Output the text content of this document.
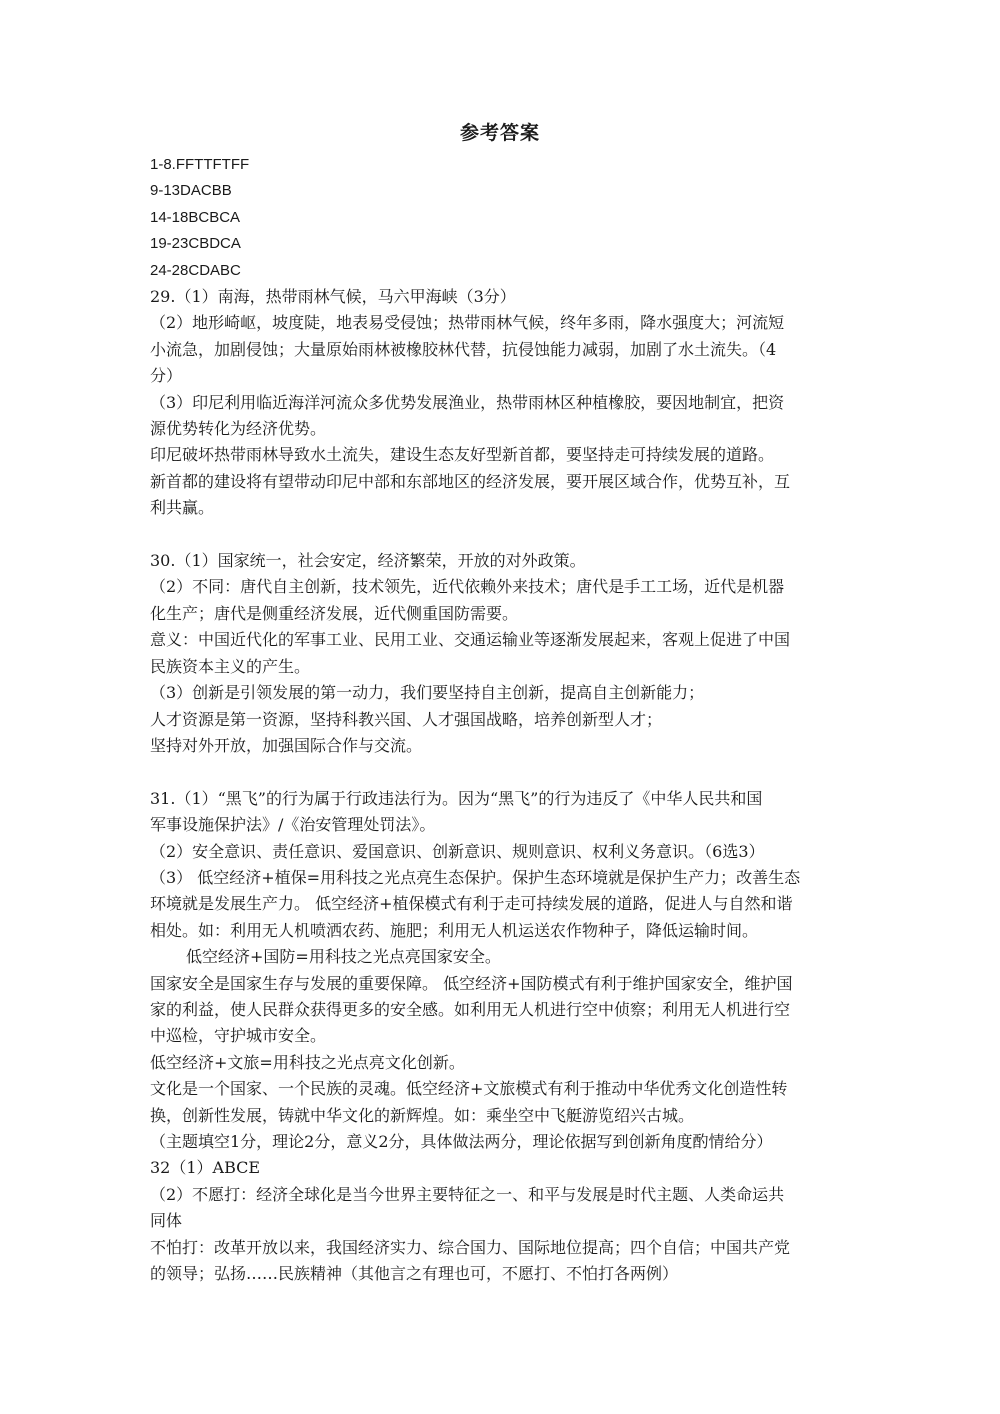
参考答案
1-8.FFTTFTFF
9-13DACBB
14-18BCBCA
19-23CBDCA
24-28CDABC
29.（1）南海，热带雨林气候，马六甲海峡（3分）
（2）地形崎岖，坡度陡，地表易受侵蚀；热带雨林气候，终年多雨，降水强度大；河流短
小流急，加剧侵蚀；大量原始雨林被橡胶林代替，抗侵蚀能力减弱，加剧了水土流失。（4
分）
（3）印尼利用临近海洋河流众多优势发展渔业，热带雨林区种植橡胶，要因地制宜，把资
源优势转化为经济优势。
印尼破坏热带雨林导致水土流失，建设生态友好型新首都，要坚持走可持续发展的道路。
新首都的建设将有望带动印尼中部和东部地区的经济发展，要开展区域合作，优势互补，互
利共赢。
30.（1）国家统一，社会安定，经济繁荣，开放的对外政策。
（2）不同：唐代自主创新，技术领先，近代依赖外来技术；唐代是手工工场，近代是机器
化生产；唐代是侧重经济发展，近代侧重国防需要。
意义：中国近代化的军事工业、民用工业、交通运输业等逐渐发展起来，客观上促进了中国
民族资本主义的产生。
（3）创新是引领发展的第一动力，我们要坚持自主创新，提高自主创新能力；
人才资源是第一资源，坚持科教兴国、人才强国战略，培养创新型人才；
坚持对外开放，加强国际合作与交流。
31.（1）“黑飞”的行为属于行政违法行为。因为“黑飞”的行为违反了《中华人民共和国
军事设施保护法》/《治安管理处罚法》。
（2）安全意识、责任意识、爱国意识、创新意识、规则意识、权利义务意识。（6选3）
（3） 低空经济+植保=用科技之光点亮生态保护。保护生态环境就是保护生产力；改善生态
环境就是发展生产力。 低空经济+植保模式有利于走可持续发展的道路，促进人与自然和谐
相处。如：利用无人机喷洒农药、施肥；利用无人机运送农作物种子，降低运输时间。
低空经济+国防=用科技之光点亮国家安全。
国家安全是国家生存与发展的重要保障。 低空经济+国防模式有利于维护国家安全，维护国
家的利益，使人民群众获得更多的安全感。如利用无人机进行空中侦察；利用无人机进行空
中巡检，守护城市安全。
低空经济+文旅=用科技之光点亮文化创新。
文化是一个国家、一个民族的灵魂。低空经济+文旅模式有利于推动中华优秀文化创造性转
换，创新性发展，铸就中华文化的新辉煌。如：乘坐空中飞艇游览绍兴古城。
（主题填空1分，理论2分，意义2分，具体做法两分，理论依据写到创新角度酌情给分）
32（1）ABCE
（2）不愿打：经济全球化是当今世界主要特征之一、和平与发展是时代主题、人类命运共
同体
不怕打：改革开放以来，我国经济实力、综合国力、国际地位提高；四个自信；中国共产党
的领导；弘扬……民族精神（其他言之有理也可，不愿打、不怕打各两例）
